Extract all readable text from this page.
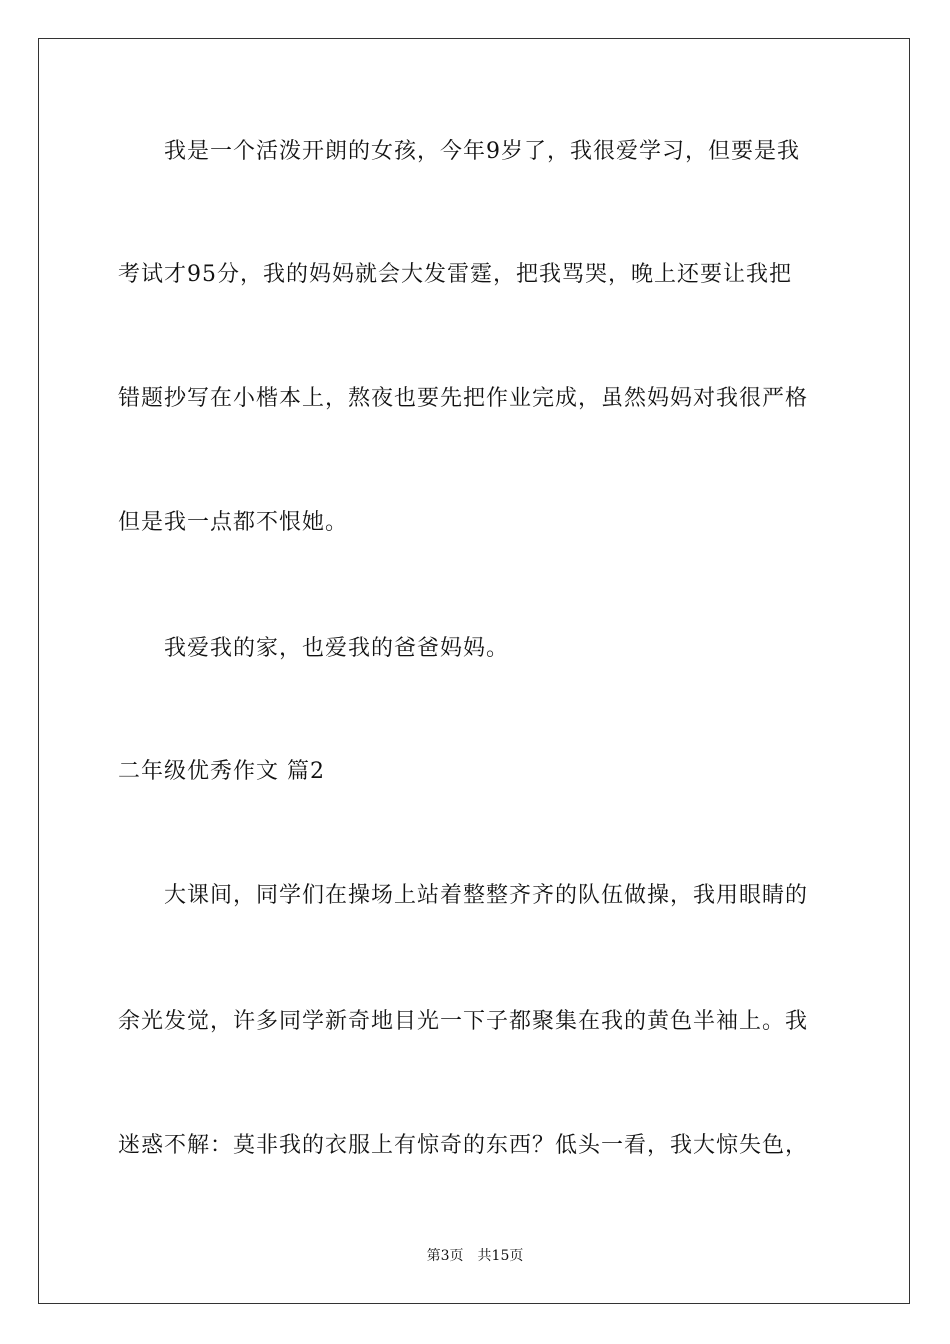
我是一个活泼开朗的女孩，今年9岁了，我很爱学习，但要是我
考试才95分，我的妈妈就会大发雷霆，把我骂哭，晚上还要让我把
错题抄写在小楷本上，熬夜也要先把作业完成，虽然妈妈对我很严格
但是我一点都不恨她。
我爱我的家，也爱我的爸爸妈妈。
二年级优秀作文 篇2
大课间，同学们在操场上站着整整齐齐的队伍做操，我用眼睛的
余光发觉，许多同学新奇地目光一下子都聚集在我的黄色半袖上。我
迷惑不解：莫非我的衣服上有惊奇的东西？低头一看，我大惊失色，
第3页　共15页
